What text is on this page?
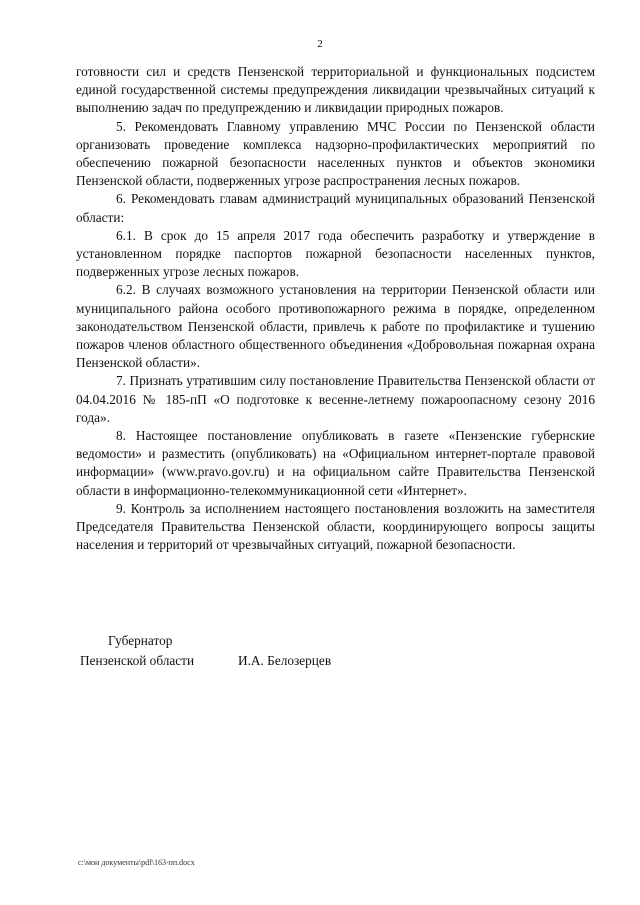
2

готовности сил и средств Пензенской территориальной и функциональных подсистем единой государственной системы предупреждения ликвидации чрезвычайных ситуаций к выполнению задач по предупреждению и ликвидации природных пожаров.

5. Рекомендовать Главному управлению МЧС России по Пензенской области организовать проведение комплекса надзорно-профилактических мероприятий по обеспечению пожарной безопасности населенных пунктов и объектов экономики Пензенской области, подверженных угрозе распространения лесных пожаров.

6. Рекомендовать главам администраций муниципальных образований Пензенской области:

6.1. В срок до 15 апреля 2017 года обеспечить разработку и утверждение в установленном порядке паспортов пожарной безопасности населенных пунктов, подверженных угрозе лесных пожаров.

6.2. В случаях возможного установления на территории Пензенской области или муниципального района особого противопожарного режима в порядке, определенном законодательством Пензенской области, привлечь к работе по профилактике и тушению пожаров членов областного общественного объединения «Добровольная пожарная охрана Пензенской области».

7. Признать утратившим силу постановление Правительства Пензенской области от 04.04.2016 № 185-пП «О подготовке к весенне-летнему пожароопасному сезону 2016 года».

8. Настоящее постановление опубликовать в газете «Пензенские губернские ведомости» и разместить (опубликовать) на «Официальном интернет-портале правовой информации» (www.pravo.gov.ru) и на официальном сайте Правительства Пензенской области в информационно-телекоммуникационной сети «Интернет».

9. Контроль за исполнением настоящего постановления возложить на заместителя Председателя Правительства Пензенской области, координирующего вопросы защиты населения и территорий от чрезвычайных ситуаций, пожарной безопасности.

Губернатор
Пензенской области	И.А. Белозерцев
c:\мои документы\pdf\163-пп.docx
